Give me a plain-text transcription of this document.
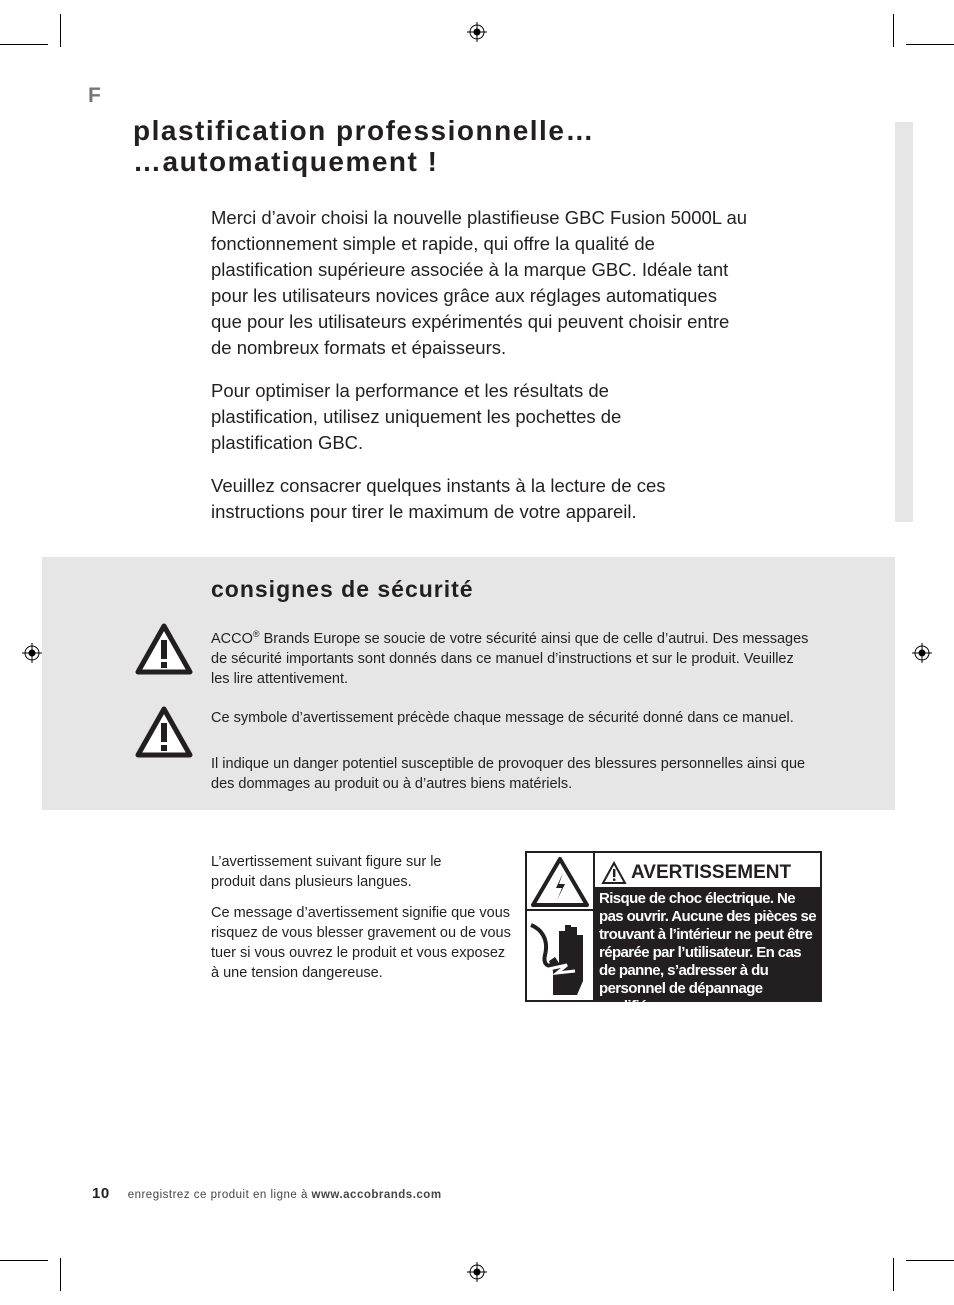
F
plastification professionnelle…
…automatiquement !

Merci d’avoir choisi la nouvelle plastifieuse GBC Fusion 5000L au fonctionnement simple et rapide, qui offre la qualité de plastification supérieure associée à la marque GBC. Idéale tant pour les utilisateurs novices grâce aux réglages automatiques que pour les utilisateurs expérimentés qui peuvent choisir entre de nombreux formats et épaisseurs.

Pour optimiser la performance et les résultats de plastification, utilisez uniquement les pochettes de plastification GBC.

Veuillez consacrer quelques instants à la lecture de ces instructions pour tirer le maximum de votre appareil.

consignes de sécurité
ACCO® Brands Europe se soucie de votre sécurité ainsi que de celle d’autrui. Des messages de sécurité importants sont donnés dans ce manuel d’instructions et sur le produit. Veuillez les lire attentivement.
Ce symbole d’avertissement précède chaque message de sécurité donné dans ce manuel.
Il indique un danger potentiel susceptible de provoquer des blessures personnelles ainsi que des dommages au produit ou à d’autres biens matériels.

L’avertissement suivant figure sur le produit dans plusieurs langues.

Ce message d’avertissement signifie que vous risquez de vous blesser gravement ou de vous tuer si vous ouvrez le produit et vous exposez à une tension dangereuse.

AVERTISSEMENT
Risque de choc électrique. Ne pas ouvrir. Aucune des pièces se trouvant à l’intérieur ne peut être réparée par l’utilisateur. En cas de panne, s’adresser à du personnel de dépannage qualifié.
10 enregistrez ce produit en ligne à www.accobrands.com
